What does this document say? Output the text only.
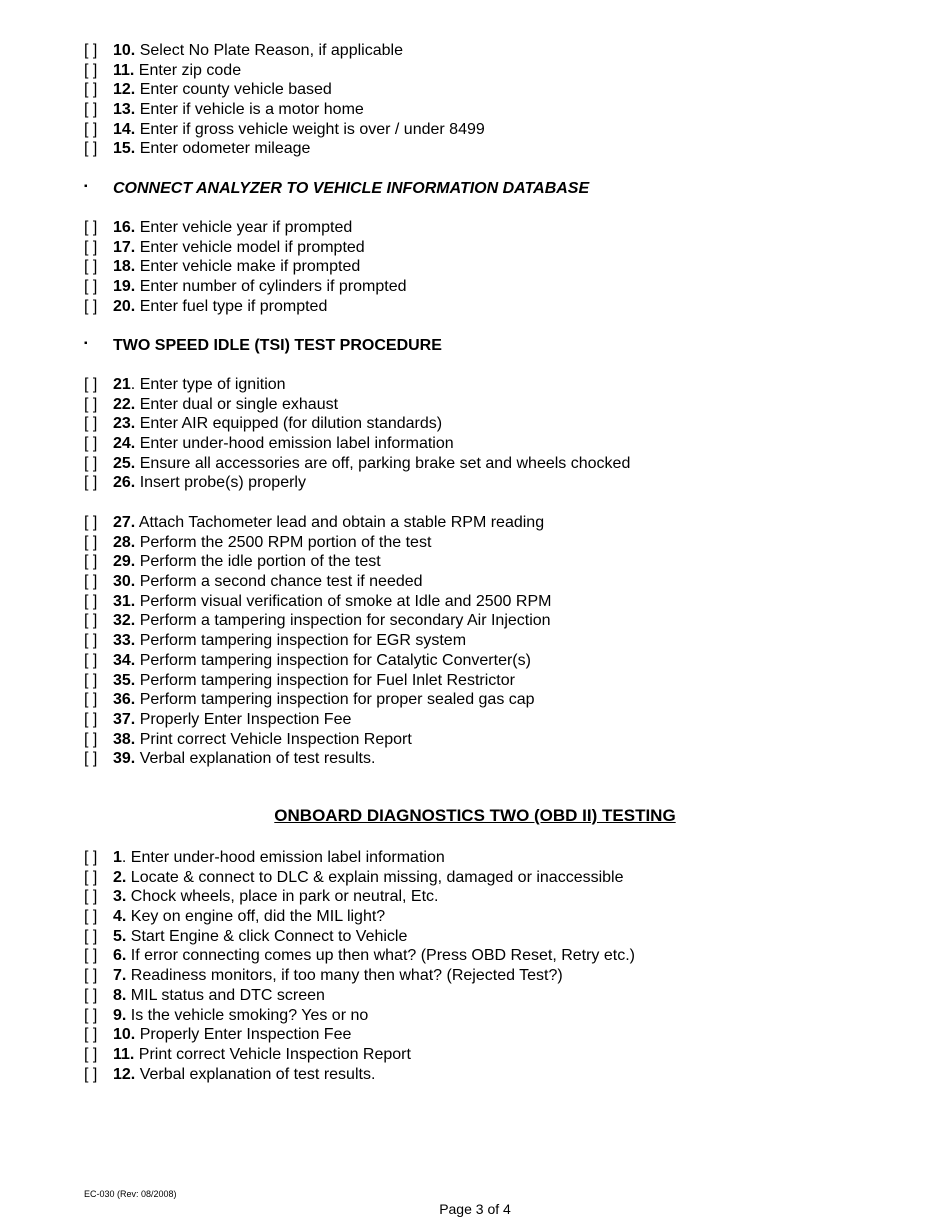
[ ] 10. Select No Plate Reason, if applicable
[ ] 11. Enter zip code
[ ] 12. Enter county vehicle based
[ ] 13. Enter if vehicle is a motor home
[ ] 14. Enter if gross vehicle weight is over / under 8499
[ ] 15. Enter odometer mileage
▪ CONNECT ANALYZER TO VEHICLE INFORMATION DATABASE
[ ] 16. Enter vehicle year if prompted
[ ] 17. Enter vehicle model if prompted
[ ] 18. Enter vehicle make if prompted
[ ] 19. Enter number of cylinders if prompted
[ ] 20. Enter fuel type if prompted
▪ TWO SPEED IDLE (TSI) TEST PROCEDURE
[ ] 21. Enter type of ignition
[ ] 22. Enter dual or single exhaust
[ ] 23. Enter AIR equipped (for dilution standards)
[ ] 24. Enter under-hood emission label information
[ ] 25. Ensure all accessories are off, parking brake set and wheels chocked
[ ] 26. Insert probe(s) properly
[ ] 27. Attach Tachometer lead and obtain a stable RPM reading
[ ] 28. Perform the 2500 RPM portion of the test
[ ] 29. Perform the idle portion of the test
[ ] 30. Perform a second chance test if needed
[ ] 31. Perform visual verification of smoke at Idle and 2500 RPM
[ ] 32. Perform a tampering inspection for secondary Air Injection
[ ] 33. Perform tampering inspection for EGR system
[ ] 34. Perform tampering inspection for Catalytic Converter(s)
[ ] 35. Perform tampering inspection for Fuel Inlet Restrictor
[ ] 36. Perform tampering inspection for proper sealed gas cap
[ ] 37. Properly Enter Inspection Fee
[ ] 38. Print correct Vehicle Inspection Report
[ ] 39. Verbal explanation of test results.
ONBOARD DIAGNOSTICS TWO (OBD II) TESTING
[ ] 1. Enter under-hood emission label information
[ ] 2. Locate & connect to DLC & explain missing, damaged or inaccessible
[ ] 3. Chock wheels, place in park or neutral, Etc.
[ ] 4. Key on engine off, did the MIL light?
[ ] 5. Start Engine & click Connect to Vehicle
[ ] 6. If error connecting comes up then what? (Press OBD Reset, Retry etc.)
[ ] 7. Readiness monitors, if too many then what? (Rejected Test?)
[ ] 8. MIL status and DTC screen
[ ] 9. Is the vehicle smoking? Yes or no
[ ] 10. Properly Enter Inspection Fee
[ ] 11. Print correct Vehicle Inspection Report
[ ] 12. Verbal explanation of test results.
EC-030 (Rev: 08/2008)
Page 3 of 4
